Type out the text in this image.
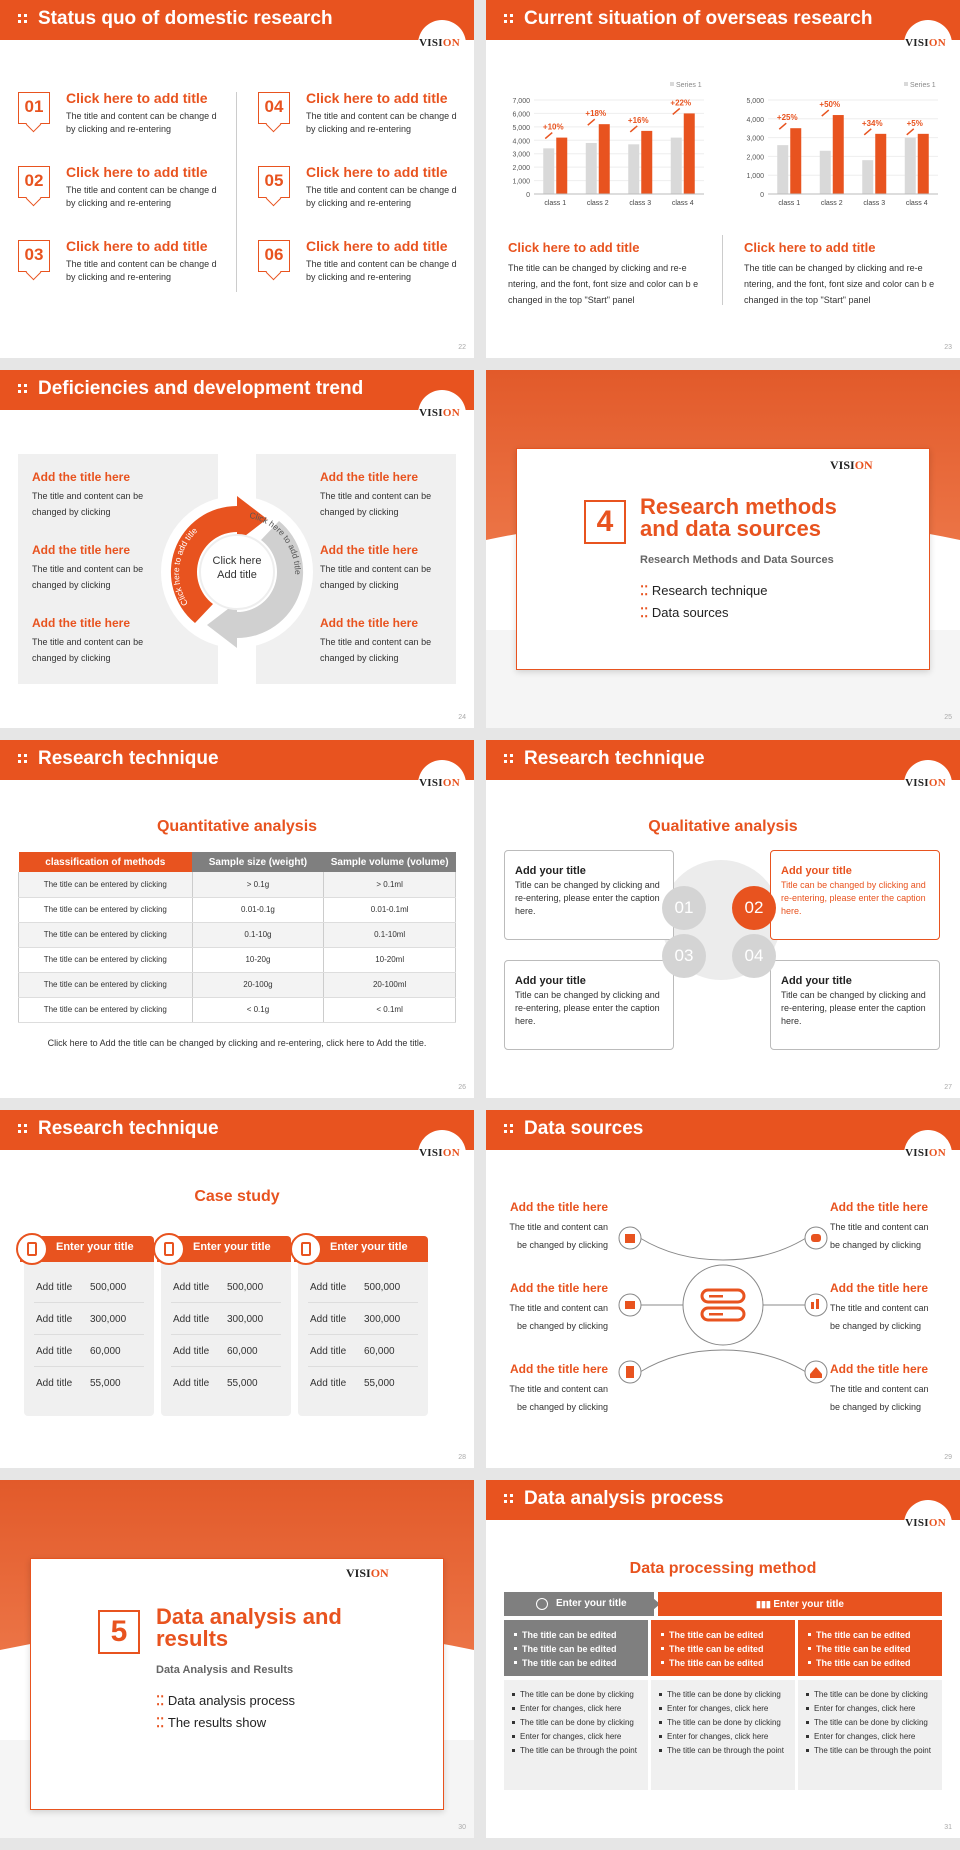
Status quo of domestic research
VISION
01	Click here to add title
The title and content can be change d by clicking and re-entering
02	Click here to add title
The title and content can be change d by clicking and re-entering
03	Click here to add title
The title and content can be change d by clicking and re-entering
04	Click here to add title
The title and content can be change d by clicking and re-entering
05	Click here to add title
The title and content can be change d by clicking and re-entering
06	Click here to add title
The title and content can be change d by clicking and re-entering
22
Current situation of overseas research
VISION
0
1,000
2,000
3,000
4,000
5,000
6,000
7,000
Series 1
class 1
+10%
class 2
+18%
class 3
+16%
class 4
+22%
0
1,000
2,000
3,000
4,000
5,000
Series 1
class 1
+25%
class 2
+50%
class 3
+34%
class 4
+5%
Click here to add title
The title can be changed by clicking and re-e ntering, and the font, font size and color can b e changed in the top "Start" panel
Click here to add title
The title can be changed by clicking and re-e ntering, and the font, font size and color can b e changed in the top "Start" panel
23
Deficiencies and development trend
VISION
Add the title here
The title and content can be changed by clicking
Add the title here
The title and content can be changed by clicking
Add the title here
The title and content can be changed by clicking
Add the title here
The title and content can be changed by clicking
Add the title here
The title and content can be changed by clicking
Add the title here
The title and content can be changed by clicking
Click here to add title
Click here to add title
Click here Add title
24
VISION
4	Research methods and data sources
Research Methods and Data Sources
⁚⁚ Research technique
⁚⁚ Data sources
25
Research technique
VISION
Quantitative analysis
classification of methods	Sample size (weight)	Sample volume (volume)
The title can be entered by clicking	> 0.1g	> 0.1ml
The title can be entered by clicking	0.01-0.1g	0.01-0.1ml
The title can be entered by clicking	0.1-10g	0.1-10ml
The title can be entered by clicking	10-20g	10-20ml
The title can be entered by clicking	20-100g	20-100ml
The title can be entered by clicking	< 0.1g	< 0.1ml
Click here to Add the title can be changed by clicking and re-entering, click here to Add the title.
26
Research technique
VISION
Qualitative analysis
Add your title
Title can be changed by clicking and re-entering, please enter the caption here.
Add your title
Title can be changed by clicking and re-entering, please enter the caption here.
Add your title
Title can be changed by clicking and re-entering, please enter the caption here.
Add your title
Title can be changed by clicking and re-entering, please enter the caption here.
01	02
03	04
27
Research technique
VISION
Case study
Enter your title
Add title 500,000
Add title 300,000
Add title 60,000
Add title 55,000
Enter your title
Add title 500,000
Add title 300,000
Add title 60,000
Add title 55,000
Enter your title
Add title 500,000
Add title 300,000
Add title 60,000
Add title 55,000
28
Data sources
VISION
Add the title here
The title and content can be changed by clicking
Add the title here
The title and content can be changed by clicking
Add the title here
The title and content can be changed by clicking
Add the title here
The title and content can be changed by clicking
Add the title here
The title and content can be changed by clicking
Add the title here
The title and content can be changed by clicking
29
VISION
5	Data analysis and results
Data Analysis and Results
⁚⁚ Data analysis process
⁚⁚ The results show
30
Data analysis process
VISION
Data processing method
Enter your title	▮▮▮ Enter your title
The title can be edited
The title can be edited
The title can be edited
The title can be done by clicking
Enter for changes, click here
The title can be done by clicking
Enter for changes, click here
The title can be through the point
The title can be edited
The title can be edited
The title can be edited
The title can be done by clicking
Enter for changes, click here
The title can be done by clicking
Enter for changes, click here
The title can be through the point
The title can be edited
The title can be edited
The title can be edited
The title can be done by clicking
Enter for changes, click here
The title can be done by clicking
Enter for changes, click here
The title can be through the point
31
